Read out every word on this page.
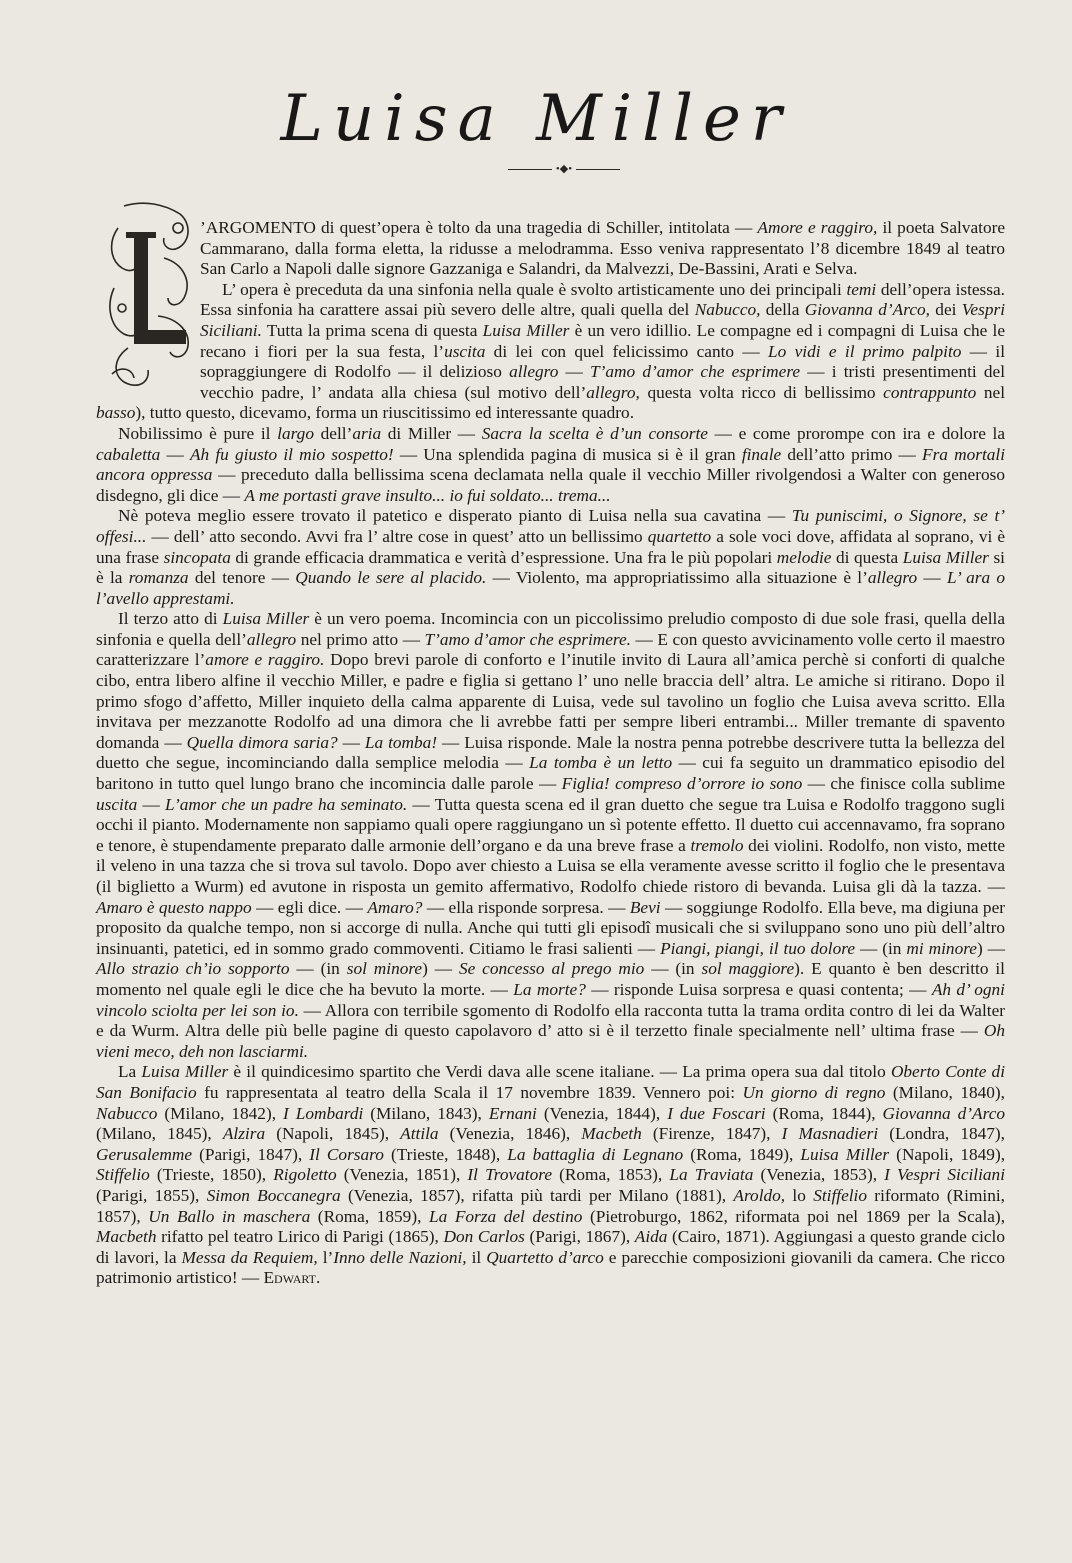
Luisa Miller
•◆•

’ARGOMENTO di quest’opera è tolto da una tragedia di Schiller, intitolata — Amore e raggiro, il poeta Salvatore Cammarano, dalla forma eletta, la ridusse a melodramma. Esso veniva rappresentato l’8 dicembre 1849 al teatro San Carlo a Napoli dalle signore Gazzaniga e Salandri, da Malvezzi, De-Bassini, Arati e Selva.

L’ opera è preceduta da una sinfonia nella quale è svolto artisticamente uno dei principali temi dell’opera istessa. Essa sinfonia ha carattere assai più severo delle altre, quali quella del Nabucco, della Giovanna d’Arco, dei Vespri Siciliani. Tutta la prima scena di questa Luisa Miller è un vero idillio. Le compagne ed i compagni di Luisa che le recano i fiori per la sua festa, l’uscita di lei con quel felicissimo canto — Lo vidi e il primo palpito — il sopraggiungere di Rodolfo — il delizioso allegro — T’amo d’amor che esprimere — i tristi presentimenti del vecchio padre, l’ andata alla chiesa (sul motivo dell’allegro, questa volta ricco di bellissimo contrappunto nel basso), tutto questo, dicevamo, forma un riuscitissimo ed interessante quadro.

Nobilissimo è pure il largo dell’aria di Miller — Sacra la scelta è d’un consorte — e come prorompe con ira e dolore la cabaletta — Ah fu giusto il mio sospetto! — Una splendida pagina di musica si è il gran finale dell’atto primo — Fra mortali ancora oppressa — preceduto dalla bellissima scena declamata nella quale il vecchio Miller rivolgendosi a Walter con generoso disdegno, gli dice — A me portasti grave insulto... io fui soldato... trema...

Nè poteva meglio essere trovato il patetico e disperato pianto di Luisa nella sua cavatina — Tu puniscimi, o Signore, se t’ offesi... — dell’ atto secondo. Avvi fra l’ altre cose in quest’ atto un bellissimo quartetto a sole voci dove, affidata al soprano, vi è una frase sincopata di grande efficacia drammatica e verità d’espressione. Una fra le più popolari melodie di questa Luisa Miller si è la romanza del tenore — Quando le sere al placido. — Violento, ma appropriatissimo alla situazione è l’allegro — L’ ara o l’avello apprestami.

Il terzo atto di Luisa Miller è un vero poema. Incomincia con un piccolissimo preludio composto di due sole frasi, quella della sinfonia e quella dell’allegro nel primo atto — T’amo d’amor che esprimere. — E con questo avvicinamento volle certo il maestro caratterizzare l’amore e raggiro. Dopo brevi parole di conforto e l’inutile invito di Laura all’amica perchè si conforti di qualche cibo, entra libero alfine il vecchio Miller, e padre e figlia si gettano l’ uno nelle braccia dell’ altra. Le amiche si ritirano. Dopo il primo sfogo d’affetto, Miller inquieto della calma apparente di Luisa, vede sul tavolino un foglio che Luisa aveva scritto. Ella invitava per mezzanotte Rodolfo ad una dimora che li avrebbe fatti per sempre liberi entrambi... Miller tremante di spavento domanda — Quella dimora saria? — La tomba! — Luisa risponde. Male la nostra penna potrebbe descrivere tutta la bellezza del duetto che segue, incominciando dalla semplice melodia — La tomba è un letto — cui fa seguito un drammatico episodio del baritono in tutto quel lungo brano che incomincia dalle parole — Figlia! compreso d’orrore io sono — che finisce colla sublime uscita — L’amor che un padre ha seminato. — Tutta questa scena ed il gran duetto che segue tra Luisa e Rodolfo traggono sugli occhi il pianto. Modernamente non sappiamo quali opere raggiungano un sì potente effetto. Il duetto cui accennavamo, fra soprano e tenore, è stupendamente preparato dalle armonie dell’organo e da una breve frase a tremolo dei violini. Rodolfo, non visto, mette il veleno in una tazza che si trova sul tavolo. Dopo aver chiesto a Luisa se ella veramente avesse scritto il foglio che le presentava (il biglietto a Wurm) ed avutone in risposta un gemito affermativo, Rodolfo chiede ristoro di bevanda. Luisa gli dà la tazza. — Amaro è questo nappo — egli dice. — Amaro? — ella risponde sorpresa. — Bevi — soggiunge Rodolfo. Ella beve, ma digiuna per proposito da qualche tempo, non si accorge di nulla. Anche qui tutti gli episodî musicali che si sviluppano sono uno più dell’altro insinuanti, patetici, ed in sommo grado commoventi. Citiamo le frasi salienti — Piangi, piangi, il tuo dolore — (in mi minore) — Allo strazio ch’io sopporto — (in sol minore) — Se concesso al prego mio — (in sol maggiore). E quanto è ben descritto il momento nel quale egli le dice che ha bevuto la morte. — La morte? — risponde Luisa sorpresa e quasi contenta; — Ah d’ ogni vincolo sciolta per lei son io. — Allora con terribile sgomento di Rodolfo ella racconta tutta la trama ordita contro di lei da Walter e da Wurm. Altra delle più belle pagine di questo capolavoro d’ atto si è il terzetto finale specialmente nell’ ultima frase — Oh vieni meco, deh non lasciarmi.

La Luisa Miller è il quindicesimo spartito che Verdi dava alle scene italiane. — La prima opera sua dal titolo Oberto Conte di San Bonifacio fu rappresentata al teatro della Scala il 17 novembre 1839. Vennero poi: Un giorno di regno (Milano, 1840), Nabucco (Milano, 1842), I Lombardi (Milano, 1843), Ernani (Venezia, 1844), I due Foscari (Roma, 1844), Giovanna d’Arco (Milano, 1845), Alzira (Napoli, 1845), Attila (Venezia, 1846), Macbeth (Firenze, 1847), I Masnadieri (Londra, 1847), Gerusalemme (Parigi, 1847), Il Corsaro (Trieste, 1848), La battaglia di Legnano (Roma, 1849), Luisa Miller (Napoli, 1849), Stiffelio (Trieste, 1850), Rigoletto (Venezia, 1851), Il Trovatore (Roma, 1853), La Traviata (Venezia, 1853), I Vespri Siciliani (Parigi, 1855), Simon Boccanegra (Venezia, 1857), rifatta più tardi per Milano (1881), Aroldo, lo Stiffelio riformato (Rimini, 1857), Un Ballo in maschera (Roma, 1859), La Forza del destino (Pietroburgo, 1862, riformata poi nel 1869 per la Scala), Macbeth rifatto pel teatro Lirico di Parigi (1865), Don Carlos (Parigi, 1867), Aida (Cairo, 1871). Aggiungasi a questo grande ciclo di lavori, la Messa da Requiem, l’Inno delle Nazioni, il Quartetto d’arco e parecchie composizioni giovanili da camera. Che ricco patrimonio artistico! — Edwart.
